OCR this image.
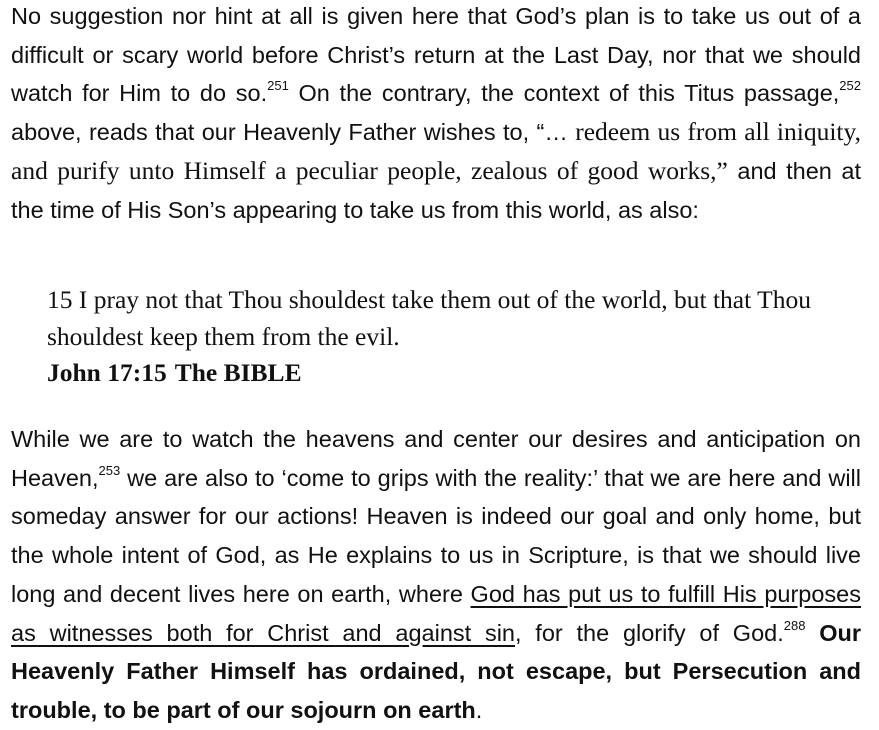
No suggestion nor hint at all is given here that God’s plan is to take us out of a difficult or scary world before Christ’s return at the Last Day, nor that we should watch for Him to do so.$^{251}$ On the contrary, the context of this Titus passage,$^{252}$ above, reads that our Heavenly Father wishes to, “… redeem us from all iniquity, and purify unto Himself a peculiar people, zealous of good works,” and then at the time of His Son’s appearing to take us from this world, as also:

15 I pray not that Thou shouldest take them out of the world, but that Thou shouldest keep them from the evil.
John 17:15 The BIBLE

While we are to watch the heavens and center our desires and anticipation on Heaven,$^{253}$ we are also to ‘come to grips with the reality:’ that we are here and will someday answer for our actions! Heaven is indeed our goal and only home, but the whole intent of God, as He explains to us in Scripture, is that we should live long and decent lives here on earth, where God has put us to fulfill His purposes as witnesses both for Christ and against sin, for the glorify of God.$^{288}$ Our Heavenly Father Himself has ordained, not escape, but Persecution and trouble, to be part of our sojourn on earth.
